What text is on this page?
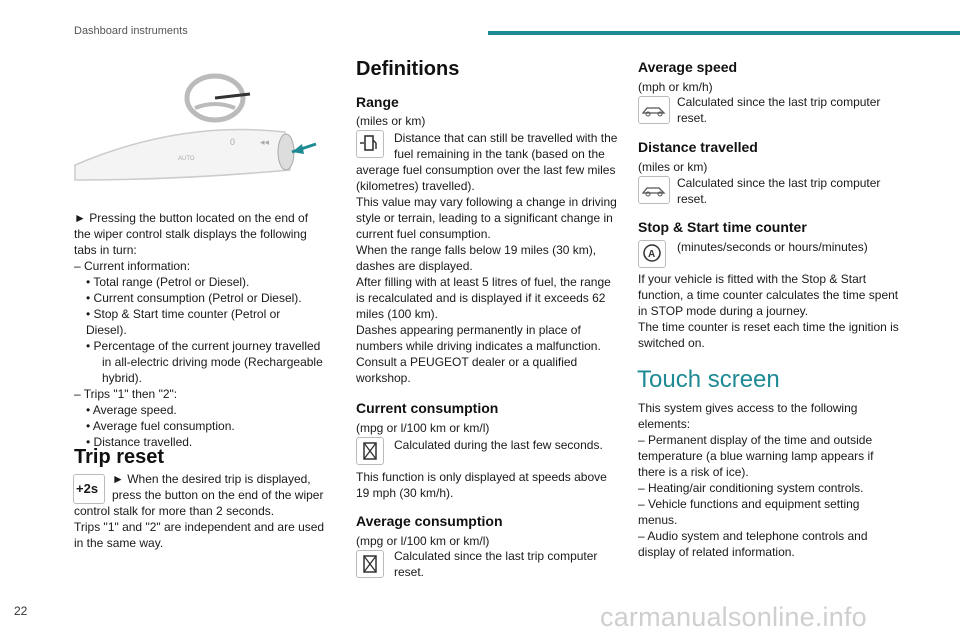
Dashboard instruments
AUTO
0	◂◂

► Pressing the button located on the end of the wiper control stalk displays the following tabs in turn:

– Current information:

• Total range (Petrol or Diesel).

• Current consumption (Petrol or Diesel).

• Stop & Start time counter (Petrol or Diesel).

• Percentage of the current journey travelled

in all-electric driving mode (Rechargeable

hybrid).

– Trips "1" then "2":

• Average speed.

• Average fuel consumption.

• Distance travelled.

Trip reset
+2s

► When the desired trip is displayed,

press the button on the end of the wiper

control stalk for more than 2 seconds.

Trips "1" and "2" are independent and are used

in the same way.

Definitions
Range
(miles or km)

Distance that can still be travelled with the

fuel remaining in the tank (based on the

average fuel consumption over the last few miles

(kilometres) travelled).

This value may vary following a change in driving

style or terrain, leading to a significant change in

current fuel consumption.

When the range falls below 19 miles (30 km),

dashes are displayed.

After filling with at least 5 litres of fuel, the range

is recalculated and is displayed if it exceeds 62

miles (100 km).

Dashes appearing permanently in place of

numbers while driving indicates a malfunction.

Consult a PEUGEOT dealer or a qualified

workshop.

Current consumption
(mpg or l/100 km or km/l)
Calculated during the last few seconds.

This function is only displayed at speeds above

19 mph (30 km/h).

Average consumption
(mpg or l/100 km or km/l)

Calculated since the last trip computer

reset.

Average speed
(mph or km/h)

Calculated since the last trip computer

reset.

Distance travelled
(miles or km)

Calculated since the last trip computer

reset.

Stop & Start time counter
A
(minutes/seconds or hours/minutes)

If your vehicle is fitted with the Stop & Start

function, a time counter calculates the time spent

in STOP mode during a journey.

The time counter is reset each time the ignition is

switched on.

Touch screen

This system gives access to the following

elements:

– Permanent display of the time and outside

temperature (a blue warning lamp appears if

there is a risk of ice).

– Heating/air conditioning system controls.

– Vehicle functions and equipment setting

menus.

– Audio system and telephone controls and

display of related information.

22	carmanualsonline.info
